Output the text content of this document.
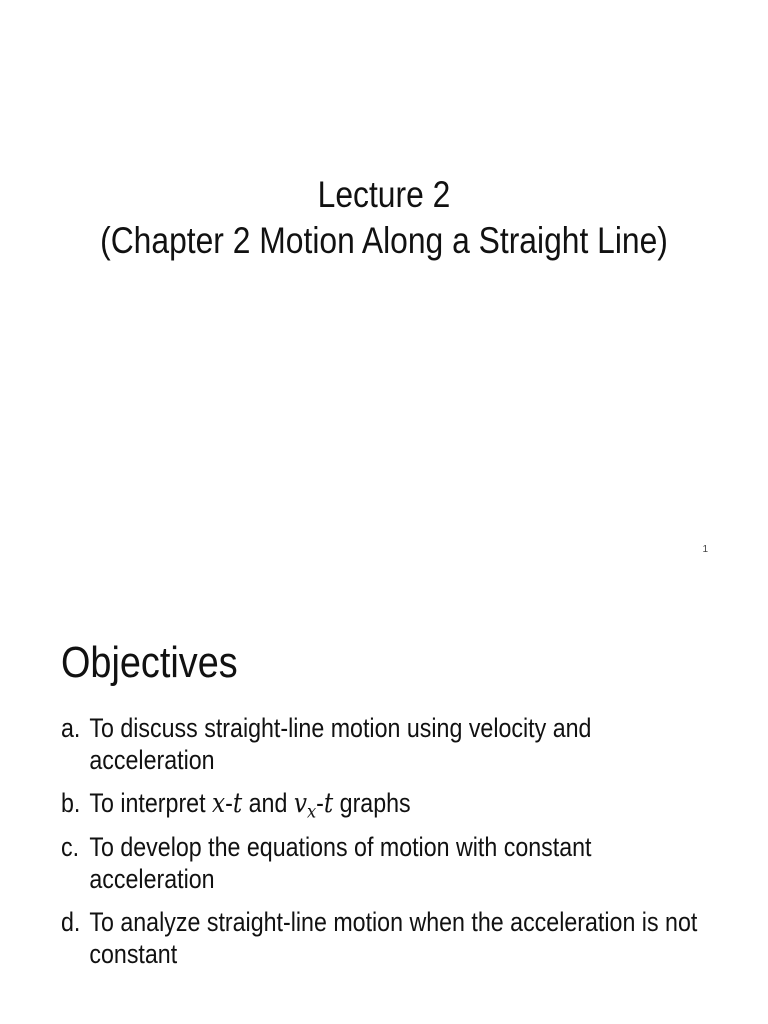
Lecture 2
(Chapter 2 Motion Along a Straight Line)
1
Objectives
a. To discuss straight-line motion using velocity and acceleration
b. To interpret x-t and $v_x-t$ graphs
c. To develop the equations of motion with constant acceleration
d. To analyze straight-line motion when the acceleration is not constant
